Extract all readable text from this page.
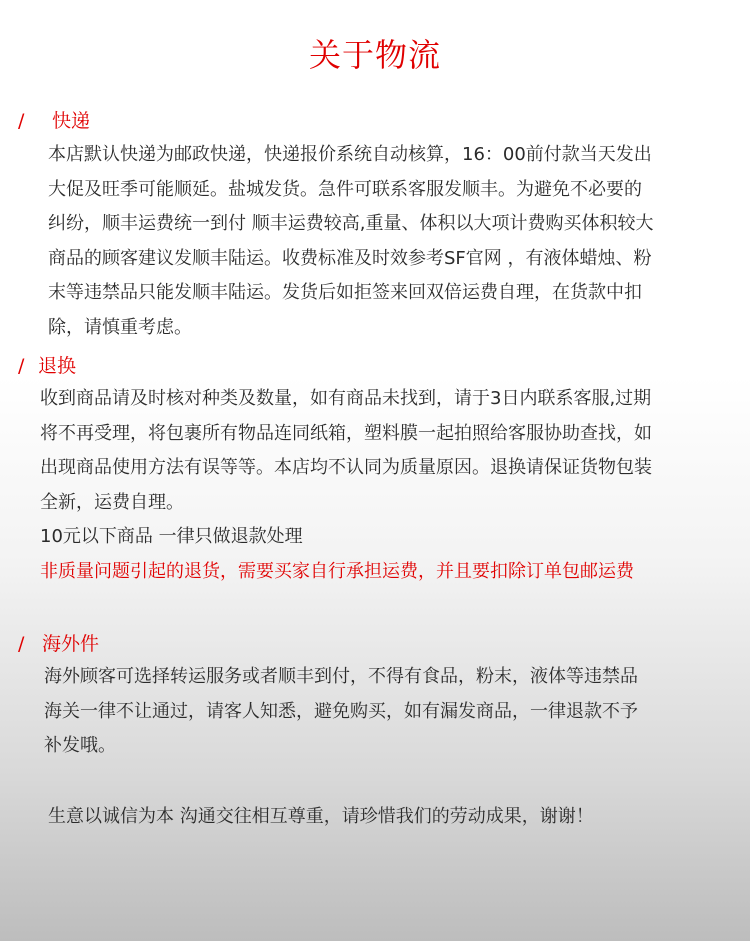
关于物流
/ 快递
本店默认快递为邮政快递，快递报价系统自动核算，16：00前付款当天发出
大促及旺季可能顺延。盐城发货。急件可联系客服发顺丰。为避免不必要的
纠纷，顺丰运费统一到付 顺丰运费较高,重量、体积以大项计费购买体积较大
商品的顾客建议发顺丰陆运。收费标准及时效参考SF官网 ，有液体蜡烛、粉
末等违禁品只能发顺丰陆运。发货后如拒签来回双倍运费自理，在货款中扣
除，请慎重考虑。
/ 退换
收到商品请及时核对种类及数量，如有商品未找到，请于3日内联系客服,过期
将不再受理，将包裹所有物品连同纸箱，塑料膜一起拍照给客服协助查找，如
出现商品使用方法有误等等。本店均不认同为质量原因。退换请保证货物包装
全新，运费自理。
10元以下商品 一律只做退款处理
非质量问题引起的退货，需要买家自行承担运费，并且要扣除订单包邮运费
/ 海外件
海外顾客可选择转运服务或者顺丰到付，不得有食品，粉末，液体等违禁品
海关一律不让通过，请客人知悉，避免购买，如有漏发商品，一律退款不予
补发哦。
生意以诚信为本 沟通交往相互尊重，请珍惜我们的劳动成果，谢谢！
